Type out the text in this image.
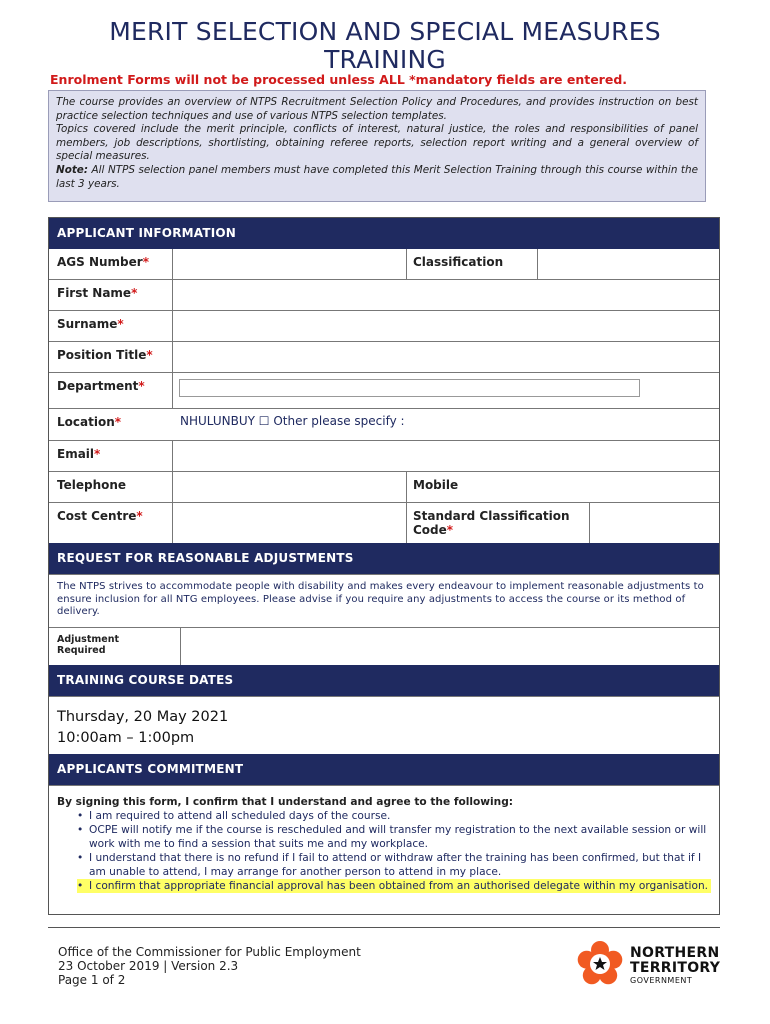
MERIT SELECTION AND SPECIAL MEASURES
TRAINING
Enrolment Forms will not be processed unless ALL *mandatory fields are entered.

The course provides an overview of NTPS Recruitment Selection Policy and Procedures, and provides instruction on best practice selection techniques and use of various NTPS selection templates.

Topics covered include the merit principle, conflicts of interest, natural justice, the roles and responsibilities of panel members, job descriptions, shortlisting, obtaining referee reports, selection report writing and a general overview of special measures.

Note: All NTPS selection panel members must have completed this Merit Selection Training through this course within the last 3 years.

APPLICANT INFORMATION
AGS Number*	Classification
First Name*
Surname*
Position Title*
Department*
Location*	NHULUNBUY ☐ Other please specify :
Email*
Telephone	Mobile
Cost Centre*	Standard Classification
Code*
REQUEST FOR REASONABLE ADJUSTMENTS
The NTPS strives to accommodate people with disability and makes every endeavour to implement reasonable adjustments to ensure inclusion for all NTG employees. Please advise if you require any adjustments to access the course or its method of delivery.
Adjustment
Required
TRAINING COURSE DATES
Thursday, 20 May 2021
10:00am – 1:00pm
APPLICANTS COMMITMENT
By signing this form, I confirm that I understand and agree to the following:
• I am required to attend all scheduled days of the course.
• OCPE will notify me if the course is rescheduled and will transfer my registration to the next available session or will work with me to find a session that suits me and my workplace.
• I understand that there is no refund if I fail to attend or withdraw after the training has been confirmed, but that if I am unable to attend, I may arrange for another person to attend in my place.
• I confirm that appropriate financial approval has been obtained from an authorised delegate within my organisation.
Office of the Commissioner for Public Employment
23 October 2019 | Version 2.3
Page 1 of 2
NORTHERN
TERRITORY
GOVERNMENT
